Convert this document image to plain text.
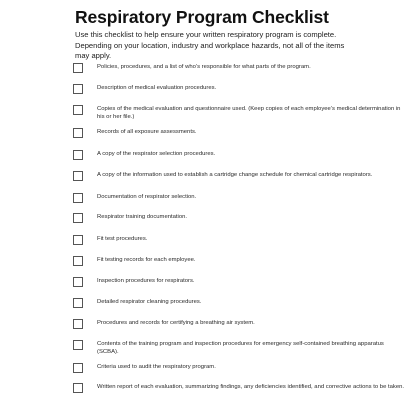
Respiratory Program Checklist

Use this checklist to help ensure your written respiratory program is complete. Depending on your location, industry and workplace hazards, not all of the items may apply.

Policies, procedures, and a list of who’s responsible for what parts of the program.
Description of medical evaluation procedures.
Copies of the medical evaluation and questionnaire used. (Keep copies of each employee’s medical determination in his or her file.)
Records of all exposure assessments.
A copy of the respirator selection procedures.
A copy of the information used to establish a cartridge change schedule for chemical cartridge respirators.
Documentation of respirator selection.
Respirator training documentation.
Fit test procedures.
Fit testing records for each employee.
Inspection procedures for respirators.
Detailed respirator cleaning procedures.
Procedures and records for certifying a breathing air system.
Contents of the training program and inspection procedures for emergency self-contained breathing apparatus (SCBA).
Criteria used to audit the respiratory program.
Written report of each evaluation, summarizing findings, any deficiencies identified, and corrective actions to be taken.
